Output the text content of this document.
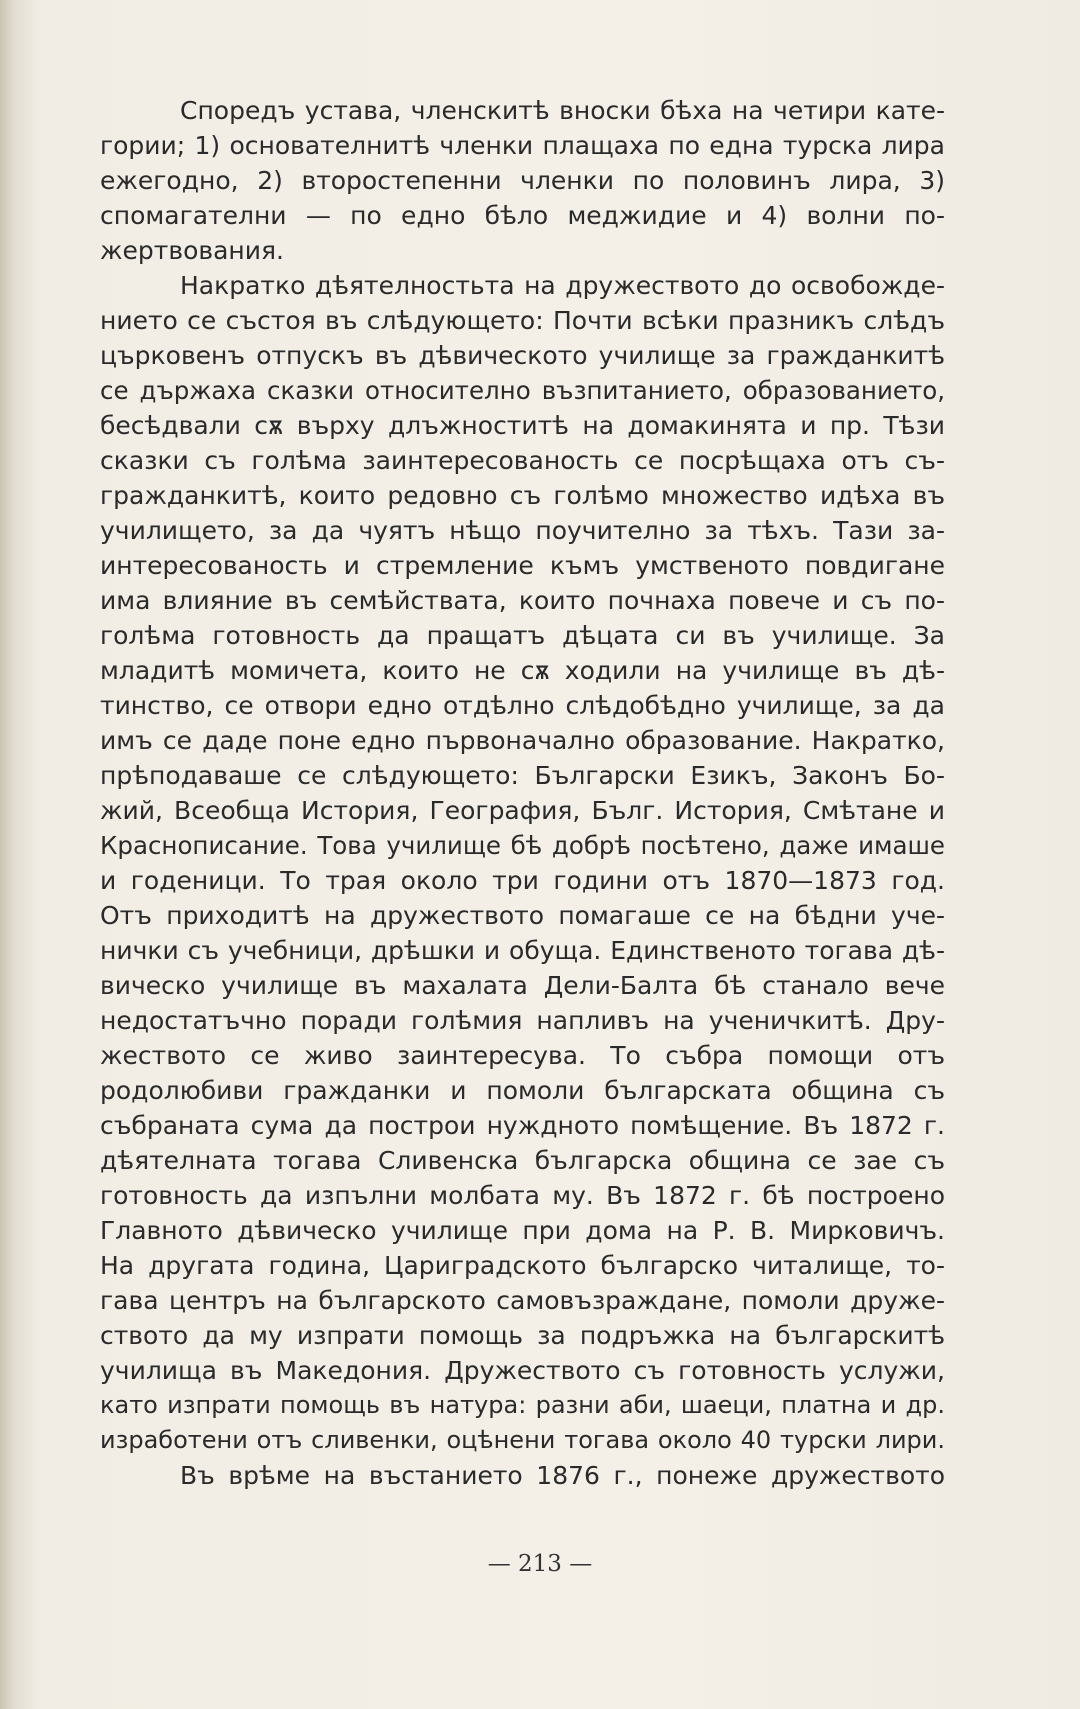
Споредъ устава, членскитѣ вноски бѣха на четири кате-
гории; 1) основателнитѣ членки плащаха по една турска лира
ежегодно, 2) второстепенни членки по половинъ лира, 3)
спомагателни — по едно бѣло меджидие и 4) волни по-
жертвования.
Накратко дѣятелностьта на дружеството до освобожде-
нието се състоя въ слѣдующето: Почти всѣки празникъ слѣдъ
църковенъ отпускъ въ дѣвическото училище за гражданкитѣ
се държаха сказки относително възпитанието, образованието,
бесѣдвали сѫ върху длъжноститѣ на домакинята и пр. Тѣзи
сказки съ голѣма заинтересованость се посрѣщаха отъ съ-
гражданкитѣ, които редовно съ голѣмо множество идѣха въ
училището, за да чуятъ нѣщо поучително за тѣхъ. Тази за-
интересованость и стремление къмъ умственото повдигане
има влияние въ семѣйствата, които почнаха повече и съ по-
голѣма готовность да пращатъ дѣцата си въ училище. За
младитѣ момичета, които не сѫ ходили на училище въ дѣ-
тинство, се отвори едно отдѣлно слѣдобѣдно училище, за да
имъ се даде поне едно първоначално образование. Накратко,
прѣподаваше се слѣдующето: Български Езикъ, Законъ Бо-
жий, Всеобща История, География, Бълг. История, Смѣтане и
Краснописание. Това училище бѣ добрѣ посѣтено, даже имаше
и годеници. То трая около три години отъ 1870—1873 год.
Отъ приходитѣ на дружеството помагаше се на бѣдни уче-
нички съ учебници, дрѣшки и обуща. Единственото тогава дѣ-
вическо училище въ махалата Дели-Балта бѣ станало вече
недостатъчно поради голѣмия напливъ на ученичкитѣ. Дру-
жеството се живо заинтересува. То събра помощи отъ
родолюбиви гражданки и помоли българската община съ
събраната сума да построи нуждното помѣщение. Въ 1872 г.
дѣятелната тогава Сливенска българска община се зае съ
готовность да изпълни молбата му. Въ 1872 г. бѣ построено
Главното дѣвическо училище при дома на Р. В. Мирковичъ.
На другата година, Цариградското българско читалище, то-
гава центръ на българското самовъзраждане, помоли друже-
ството да му изпрати помощь за подръжка на българскитѣ
училища въ Македония. Дружеството съ готовность услужи,
като изпрати помощь въ натура: разни аби, шаеци, платна и др.
изработени отъ сливенки, оцѣнени тогава около 40 турски лири.
Въ врѣме на въстанието 1876 г., понеже дружеството
— 213 —
